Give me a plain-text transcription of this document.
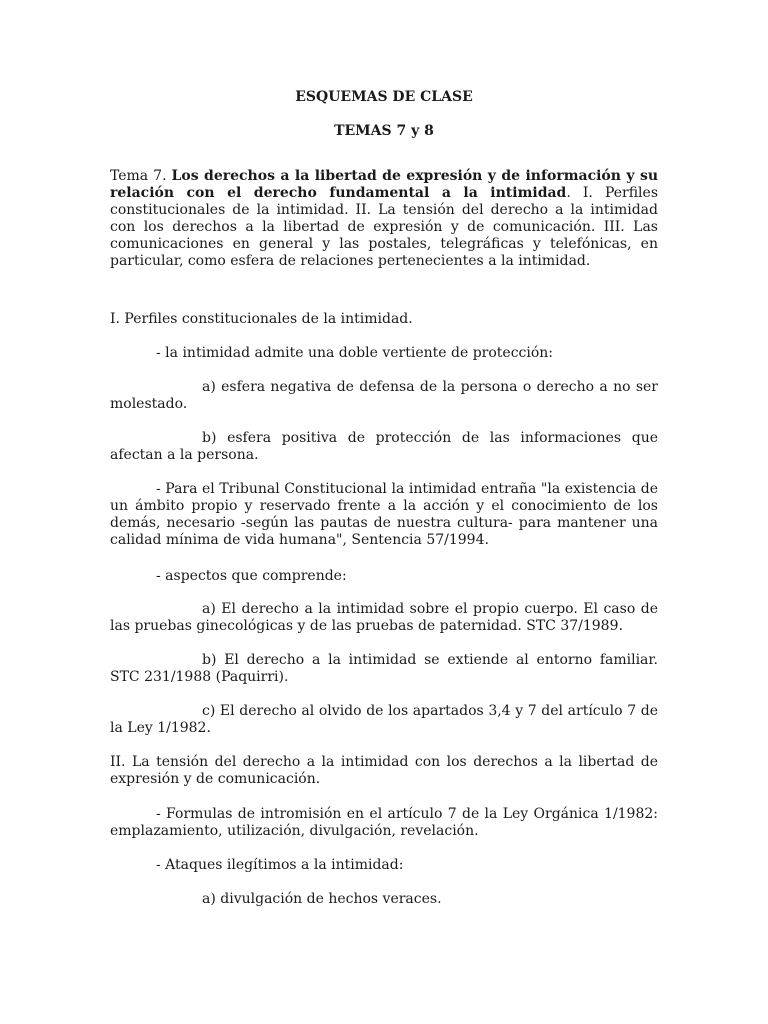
ESQUEMAS DE CLASE
TEMAS 7 y 8

Tema 7. Los derechos a la libertad de expresión y de información y su relación con el derecho fundamental a la intimidad. I. Perfiles constitucionales de la intimidad. II. La tensión del derecho a la intimidad con los derechos a la libertad de expresión y de comunicación. III. Las comunicaciones en general y las postales, telegráficas y telefónicas, en particular, como esfera de relaciones pertenecientes a la intimidad.

I. Perfiles constitucionales de la intimidad.

- la intimidad admite una doble vertiente de protección:

a) esfera negativa de defensa de la persona o derecho a no ser molestado.

b) esfera positiva de protección de las informaciones que afectan a la persona.

- Para el Tribunal Constitucional la intimidad entraña "la existencia de un ámbito propio y reservado frente a la acción y el conocimiento de los demás, necesario -según las pautas de nuestra cultura- para mantener una calidad mínima de vida humana", Sentencia 57/1994.

- aspectos que comprende:

a) El derecho a la intimidad sobre el propio cuerpo. El caso de las pruebas ginecológicas y de las pruebas de paternidad. STC 37/1989.

b) El derecho a la intimidad se extiende al entorno familiar. STC 231/1988 (Paquirri).

c) El derecho al olvido de los apartados 3,4 y 7 del artículo 7 de la Ley 1/1982.

II. La tensión del derecho a la intimidad con los derechos a la libertad de expresión y de comunicación.

- Formulas de intromisión en el artículo 7 de la Ley Orgánica 1/1982: emplazamiento, utilización, divulgación, revelación.

- Ataques ilegítimos a la intimidad:

a) divulgación de hechos veraces.
